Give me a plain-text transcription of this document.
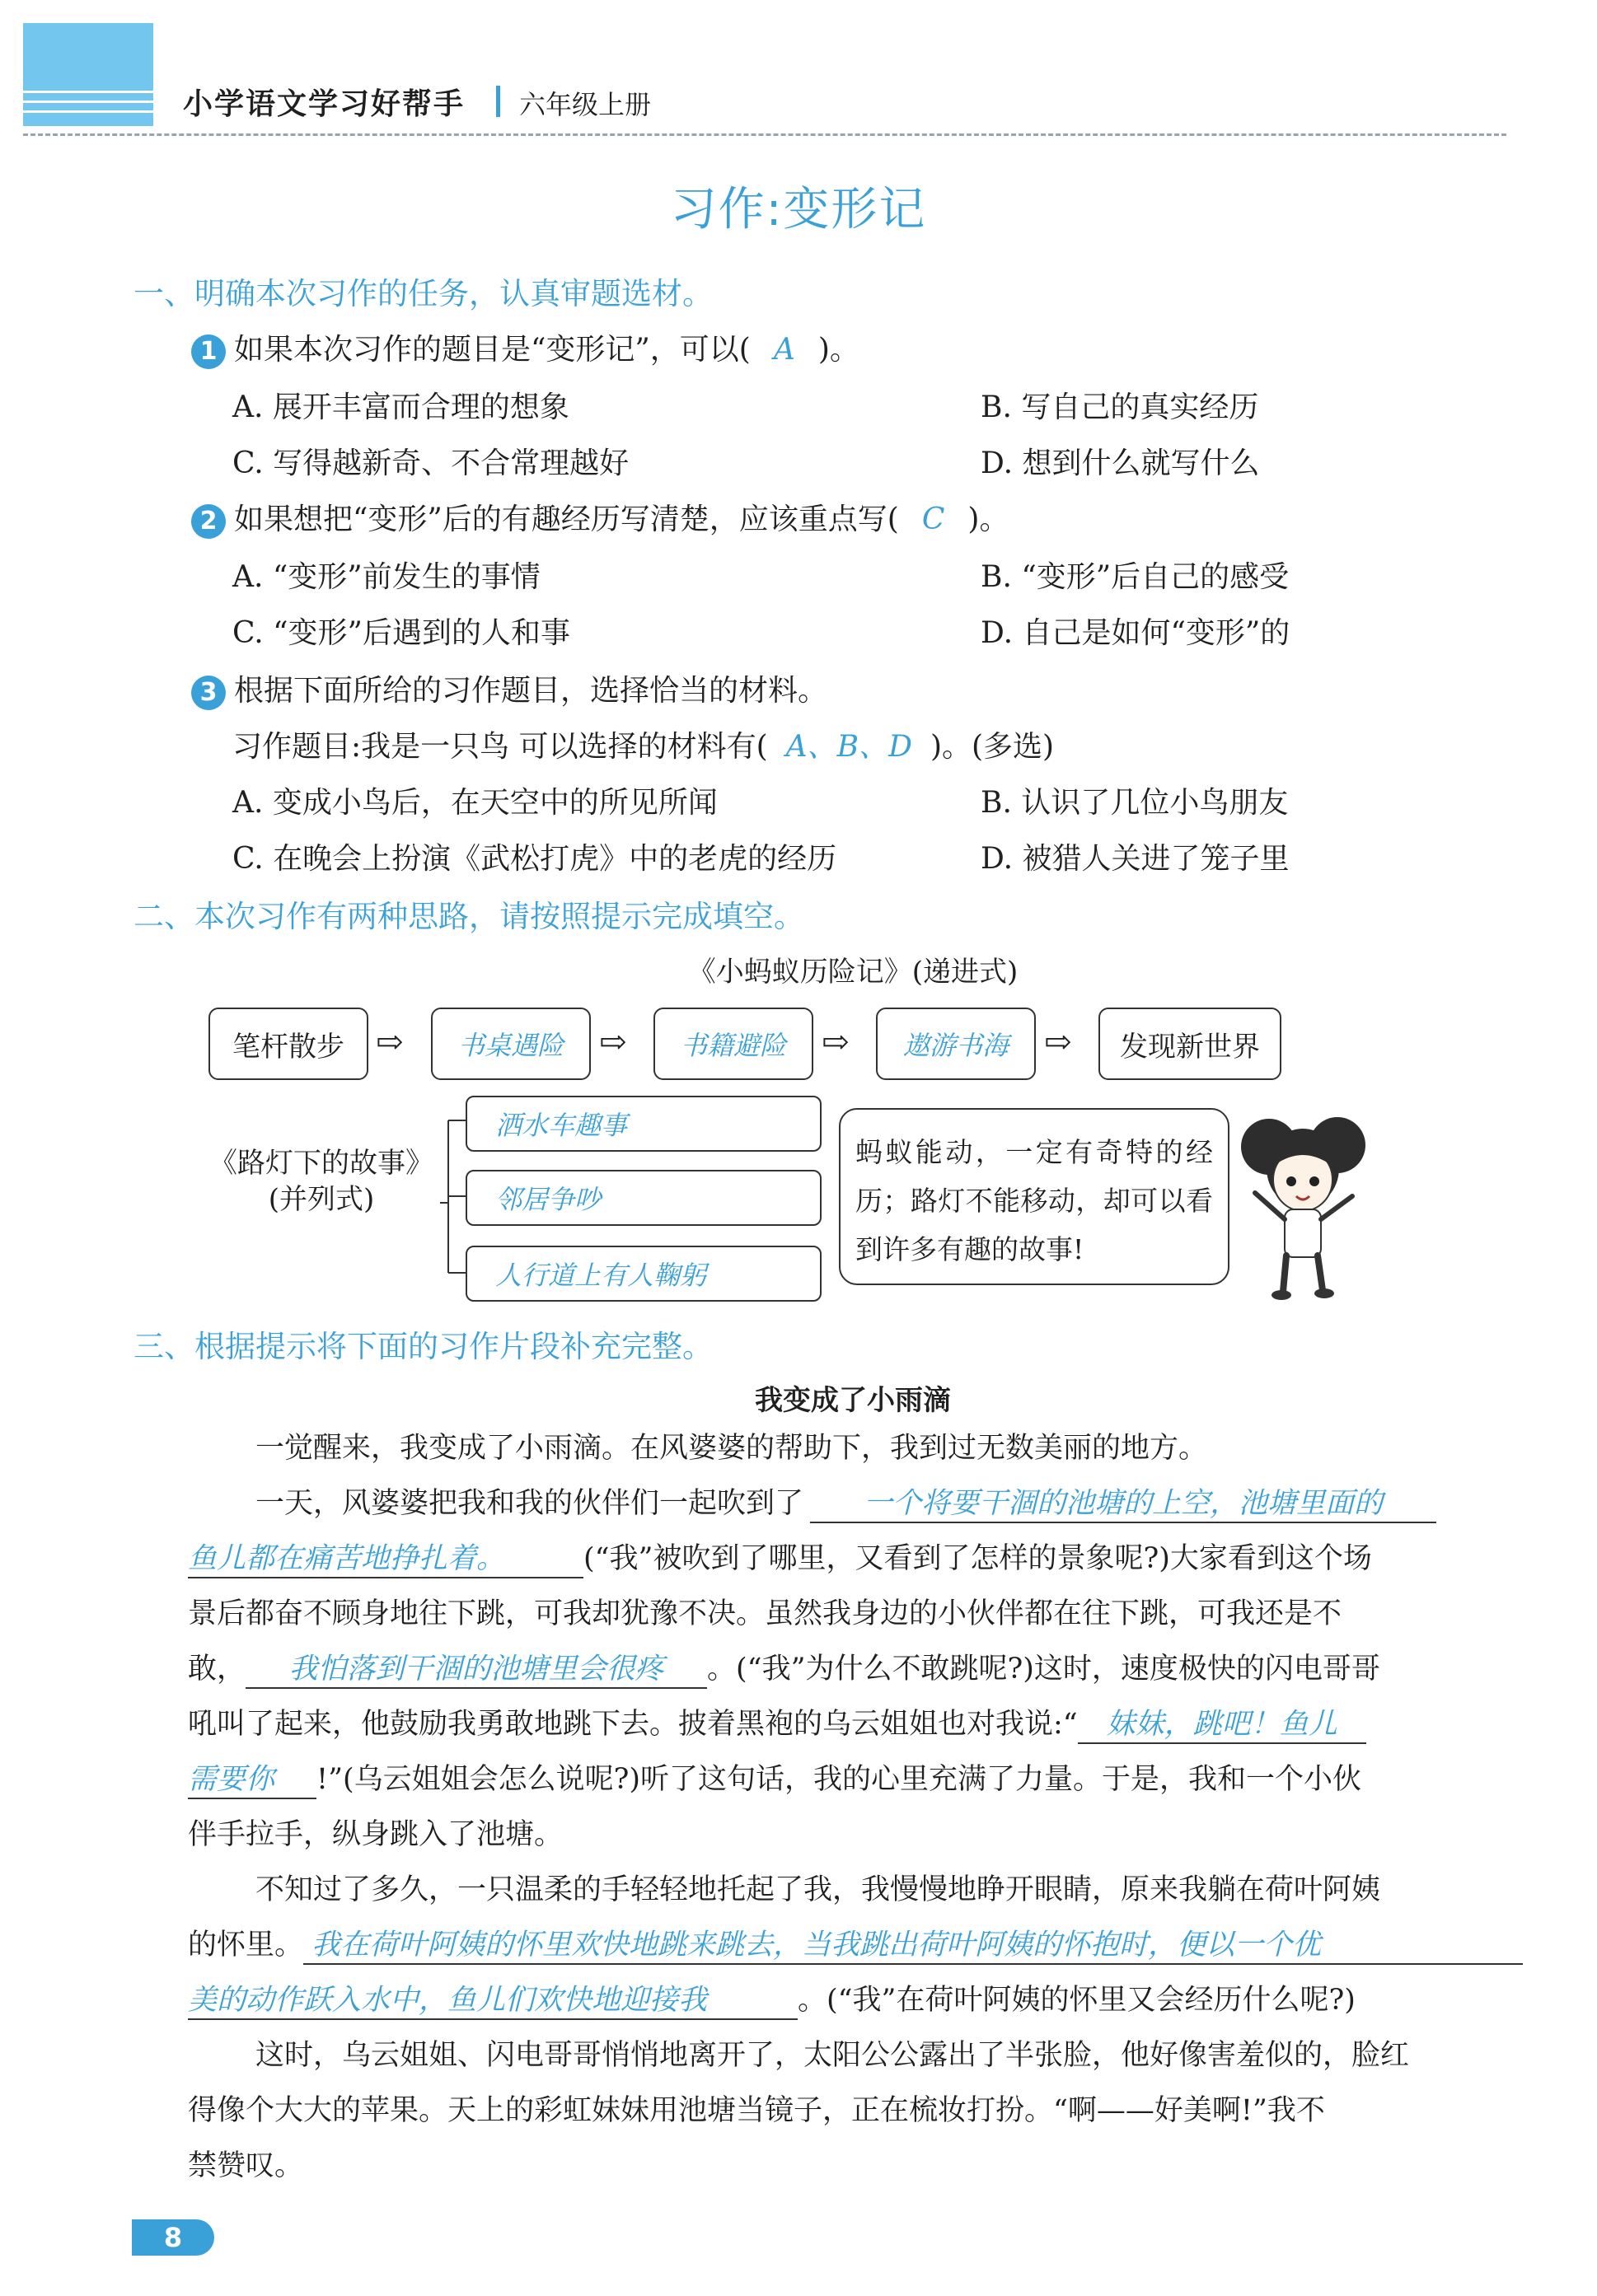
小学语文学习好帮手 六年级上册
习作:变形记
一、明确本次习作的任务，认真审题选材。
1 如果本次习作的题目是“变形记”，可以( A )。
A. 展开丰富而合理的想象	B. 写自己的真实经历
C. 写得越新奇、不合常理越好	D. 想到什么就写什么
2 如果想把“变形”后的有趣经历写清楚，应该重点写( C )。
A. “变形”前发生的事情	B. “变形”后自己的感受
C. “变形”后遇到的人和事	D. 自己是如何“变形”的
3 根据下面所给的习作题目，选择恰当的材料。
习作题目:我是一只鸟 可以选择的材料有( A、B、D )。(多选)
A. 变成小鸟后，在天空中的所见所闻	B. 认识了几位小鸟朋友
C. 在晚会上扮演《武松打虎》中的老虎的经历	D. 被猎人关进了笼子里
二、本次习作有两种思路，请按照提示完成填空。
《小蚂蚁历险记》(递进式)
笔杆散步 ⇨	书桌遇险	⇨	书籍避险	⇨	遨游书海	⇨	发现新世界
《路灯下的故事》
(并列式)
洒水车趣事
邻居争吵
人行道上有人鞠躬
蚂蚁能动，一定有奇特的经历；路灯不能移动，却可以看到许多有趣的故事!
三、根据提示将下面的习作片段补充完整。
我变成了小雨滴
一觉醒来，我变成了小雨滴。在风婆婆的帮助下，我到过无数美丽的地方。
一天，风婆婆把我和我的伙伴们一起吹到了 一个将要干涸的池塘的上空，池塘里面的
鱼儿都在痛苦地挣扎着。	(“我”被吹到了哪里，又看到了怎样的景象呢?)大家看到这个场
景后都奋不顾身地往下跳，可我却犹豫不决。虽然我身边的小伙伴都在往下跳，可我还是不
敢， 我怕落到干涸的池塘里会很疼 。(“我”为什么不敢跳呢?)这时，速度极快的闪电哥哥
吼叫了起来，他鼓励我勇敢地跳下去。披着黑袍的乌云姐姐也对我说:“ 妹妹，跳吧！鱼儿
需要你 !”(乌云姐姐会怎么说呢?)听了这句话，我的心里充满了力量。于是，我和一个小伙
伴手拉手，纵身跳入了池塘。
不知过了多久，一只温柔的手轻轻地托起了我，我慢慢地睁开眼睛，原来我躺在荷叶阿姨
的怀里。 我在荷叶阿姨的怀里欢快地跳来跳去，当我跳出荷叶阿姨的怀抱时，便以一个优
美的动作跃入水中，鱼儿们欢快地迎接我	。(“我”在荷叶阿姨的怀里又会经历什么呢?)
这时，乌云姐姐、闪电哥哥悄悄地离开了，太阳公公露出了半张脸，他好像害羞似的，脸红
得像个大大的苹果。天上的彩虹妹妹用池塘当镜子，正在梳妆打扮。“啊——好美啊!”我不
禁赞叹。
8
